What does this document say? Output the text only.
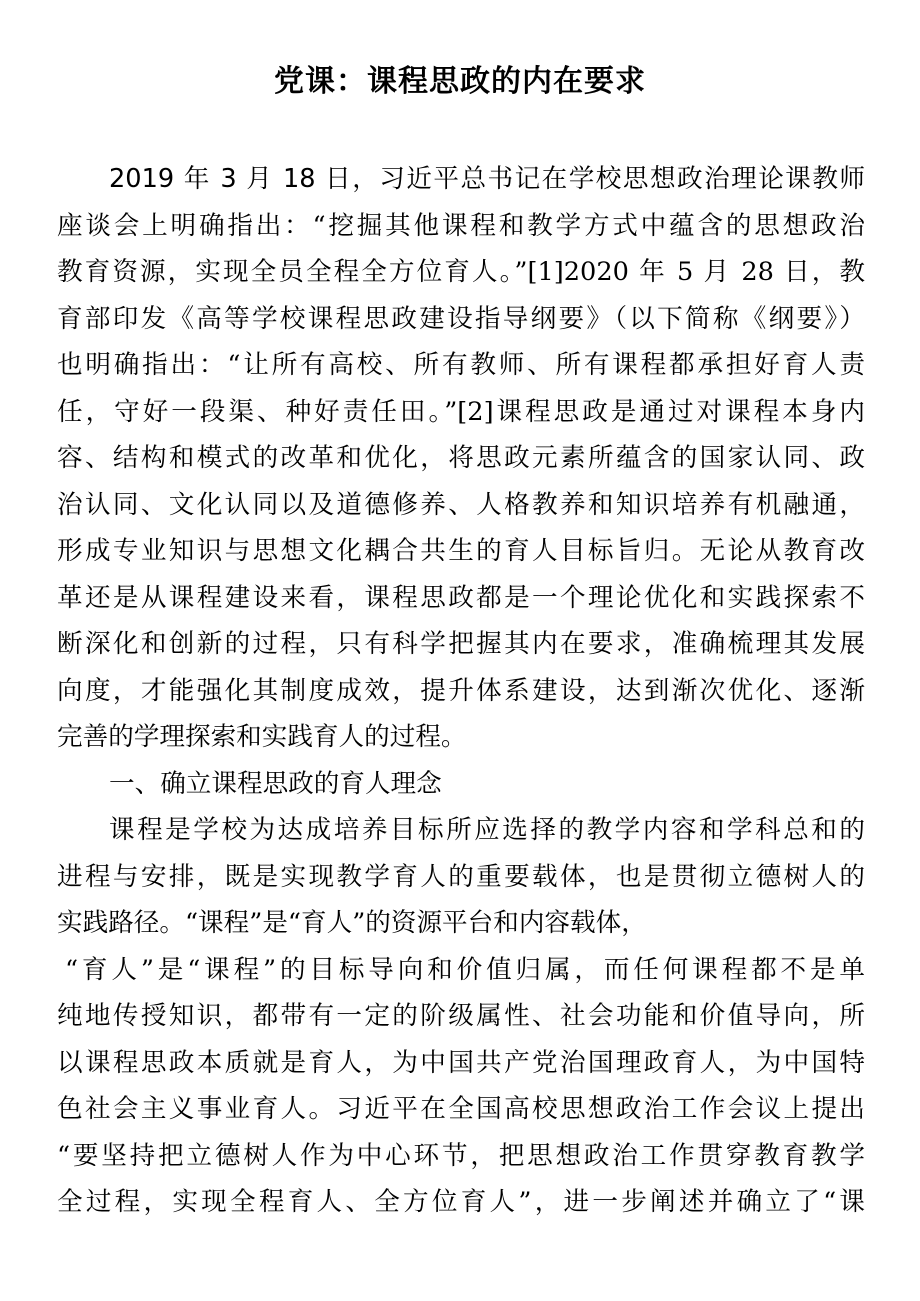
党课：课程思政的内在要求
2019 年 3 月 18 日，习近平总书记在学校思想政治理论课教师
座谈会上明确指出：“挖掘其他课程和教学方式中蕴含的思想政治
教育资源，实现全员全程全方位育人。”[1]2020 年 5 月 28 日，教
育部印发《高等学校课程思政建设指导纲要》（以下简称《纲要》）
也明确指出：“让所有高校、所有教师、所有课程都承担好育人责
任，守好一段渠、种好责任田。”[2]课程思政是通过对课程本身内
容、结构和模式的改革和优化，将思政元素所蕴含的国家认同、政
治认同、文化认同以及道德修养、人格教养和知识培养有机融通，
形成专业知识与思想文化耦合共生的育人目标旨归。无论从教育改
革还是从课程建设来看，课程思政都是一个理论优化和实践探索不
断深化和创新的过程，只有科学把握其内在要求，准确梳理其发展
向度，才能强化其制度成效，提升体系建设，达到渐次优化、逐渐
完善的学理探索和实践育人的过程。
一、确立课程思政的育人理念
课程是学校为达成培养目标所应选择的教学内容和学科总和的
进程与安排，既是实现教学育人的重要载体，也是贯彻立德树人的
实践路径。“课程”是“育人”的资源平台和内容载体，
“育人”是“课程”的目标导向和价值归属，而任何课程都不是单
纯地传授知识，都带有一定的阶级属性、社会功能和价值导向，所
以课程思政本质就是育人，为中国共产党治国理政育人，为中国特
色社会主义事业育人。习近平在全国高校思想政治工作会议上提出
“要坚持把立德树人作为中心环节，把思想政治工作贯穿教育教学
全过程，实现全程育人、全方位育人”，进一步阐述并确立了“课
